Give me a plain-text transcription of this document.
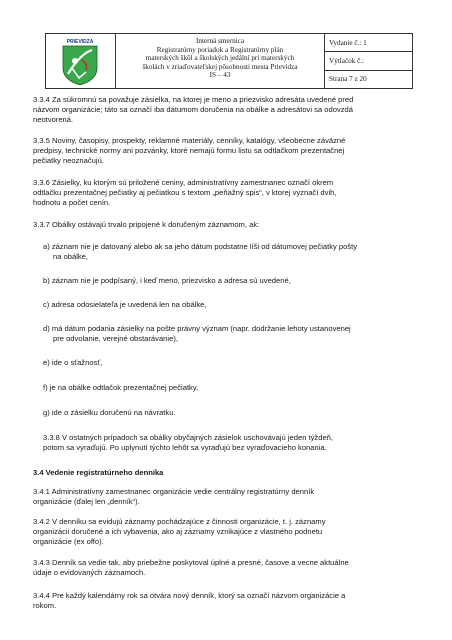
PRIEVIDZA	Interná smernica
Registratúrny poriadok a Registratúrny plán
materských škôl a školských jedální pri materských
školách v zriaďovateľskej pôsobnosti mesta Prievidza
IS – 43
Vydanie č.: 1
Výtlačok č.:
Strana 7 z 20
3.3.4 Za súkromnú sa považuje zásielka, na ktorej je meno a priezvisko adresáta uvedené pred
názvom organizácie; táto sa označí iba dátumom doručenia na obálke a adresátovi sa odovzdá
neotvorená.
3.3.5 Noviny, časopisy, prospekty, reklamné materiály, cenníky, katalógy, všeobecne záväzné
predpisy, technické normy ani pozvánky, ktoré nemajú formu listu sa odtlačkom prezentačnej
pečiatky neoznačujú.
3.3.6 Zásielky, ku ktorým sú priložené ceniny, administratívny zamestnanec označí okrem
odtlačku prezentačnej pečiatky aj pečiatkou s textom „peňažný spis“, v ktorej vyznačí dvih,
hodnotu a počet cenín.
3.3.7 Obálky ostávajú trvalo pripojené k doručeným záznamom, ak:
a) záznam nie je datovaný alebo ak sa jeho dátum podstatne líši od dátumovej pečiatky pošty
na obálke,
b) záznam nie je podpísaný, i keď meno, priezvisko a adresa sú uvedené,
c) adresa odosielateľa je uvedená len na obálke,
d) má dátum podania zásielky na pošte právny význam (napr. dodržanie lehoty ustanovenej
pre odvolanie, verejné obstarávanie),
e) ide o sťažnosť,
f) je na obálke odtlačok prezentačnej pečiatky,
g) ide o zásielku doručenú na návratku.
3.3.8 V ostatných prípadoch sa obálky obyčajných zásielok uschovávajú jeden týždeň,
potom sa vyraďujú. Po uplynutí týchto lehôt sa vyraďujú bez vyraďovacieho konania.
3.4 Vedenie registratúrneho denníka
3.4.1 Administratívny zamestnanec organizácie vedie centrálny registratúrny denník
organizácie (ďalej len „denník“).
3.4.2 V denníku sa evidujú záznamy pochádzajúce z činnosti organizácie, t. j. záznamy
organizácii doručené a ich vybavenia, ako aj záznamy vznikajúce z vlastného podnetu
organizácie (ex offo).
3.4.3 Denník sa vedie tak, aby priebežne poskytoval úplné a presné, časove a vecne aktuálne
údaje o evidovaných záznamoch.
3.4.4 Pre každý kalendárny rok sa otvára nový denník, ktorý sa označí názvom organizácie a
rokom.
